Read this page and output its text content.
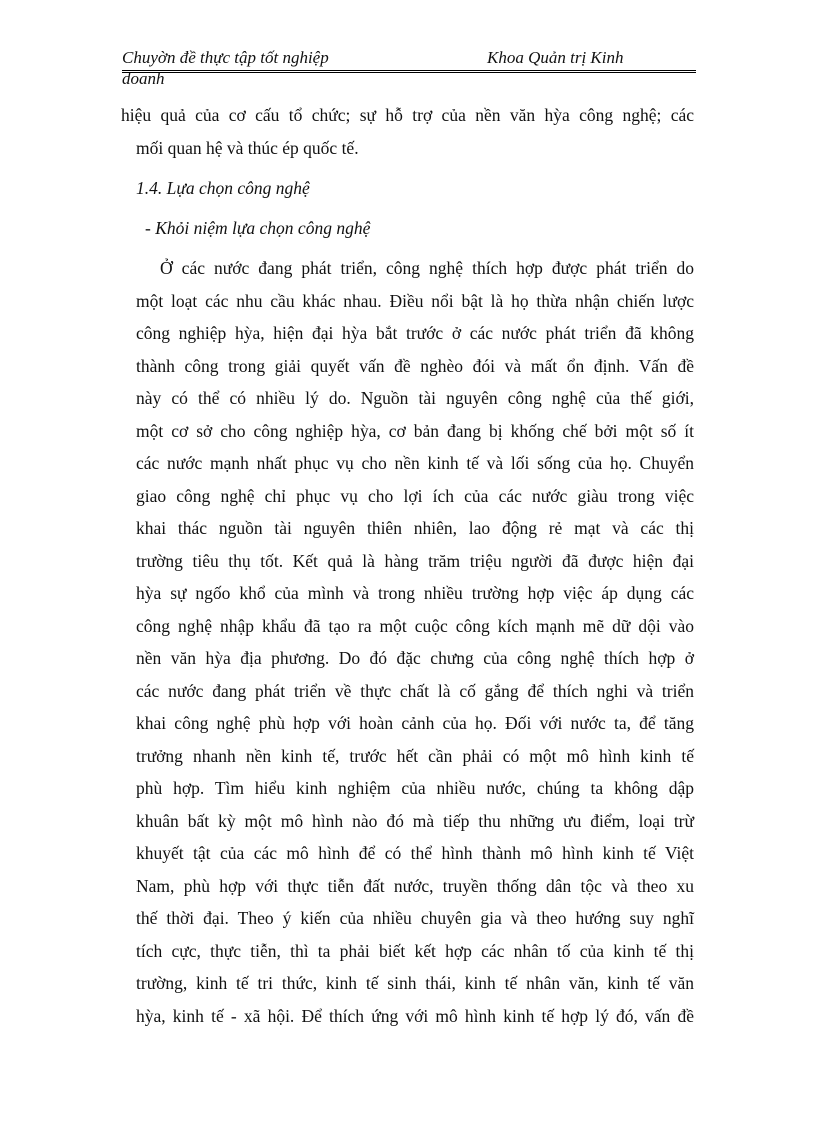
Chuyờn đề thực tập tốt nghiệp	Khoa Quản trị Kinh
doanh
hiệu quả của cơ cấu tổ chức; sự hỗ trợ của nền văn hỳa công nghệ; các
mối quan hệ và thúc ép quốc tế.
1.4. Lựa chọn công nghệ
- Khỏi niệm lựa chọn công nghệ
Ở các nước đang phát triển, công nghệ thích hợp được phát triển do
một loạt các nhu cầu khác nhau. Điều nổi bật là họ thừa nhận chiến lược
công nghiệp hỳa, hiện đại hỳa bắt trước ở các nước phát triển đã không
thành công trong giải quyết vấn đề nghèo đói và mất ổn định. Vấn đề
này có thể có nhiều lý do. Nguồn tài nguyên công nghệ của thế giới,
một cơ sở cho công nghiệp hỳa, cơ bản đang bị khống chế bởi một số ít
các nước mạnh nhất phục vụ cho nền kinh tế và lối sống của họ. Chuyển
giao công nghệ chỉ phục vụ cho lợi ích của các nước giàu trong việc
khai thác nguồn tài nguyên thiên nhiên, lao động rẻ mạt và các thị
trường tiêu thụ tốt. Kết quả là hàng trăm triệu người đã được hiện đại
hỳa sự ngốo khổ của mình và trong nhiều trường hợp việc áp dụng các
công nghệ nhập khẩu đã tạo ra một cuộc công kích mạnh mẽ dữ dội vào
nền văn hỳa địa phương. Do đó đặc chưng của công nghệ thích hợp ở
các nước đang phát triển về thực chất là cố gắng để thích nghi và triển
khai công nghệ phù hợp với hoàn cảnh của họ. Đối với nước ta, để tăng
trưởng nhanh nền kinh tế, trước hết cần phải có một mô hình kinh tế
phù hợp. Tìm hiểu kinh nghiệm của nhiều nước, chúng ta không dập
khuân bất kỳ một mô hình nào đó mà tiếp thu những ưu điểm, loại trừ
khuyết tật của các mô hình để có thể hình thành mô hình kinh tế Việt
Nam, phù hợp với thực tiễn đất nước, truyền thống dân tộc và theo xu
thế thời đại. Theo ý kiến của nhiều chuyên gia và theo hướng suy nghĩ
tích cực, thực tiễn, thì ta phải biết kết hợp các nhân tố của kinh tế thị
trường, kinh tế tri thức, kinh tế sinh thái, kinh tế nhân văn, kinh tế văn
hỳa, kinh tế - xã hội. Để thích ứng với mô hình kinh tế hợp lý đó, vấn đề
